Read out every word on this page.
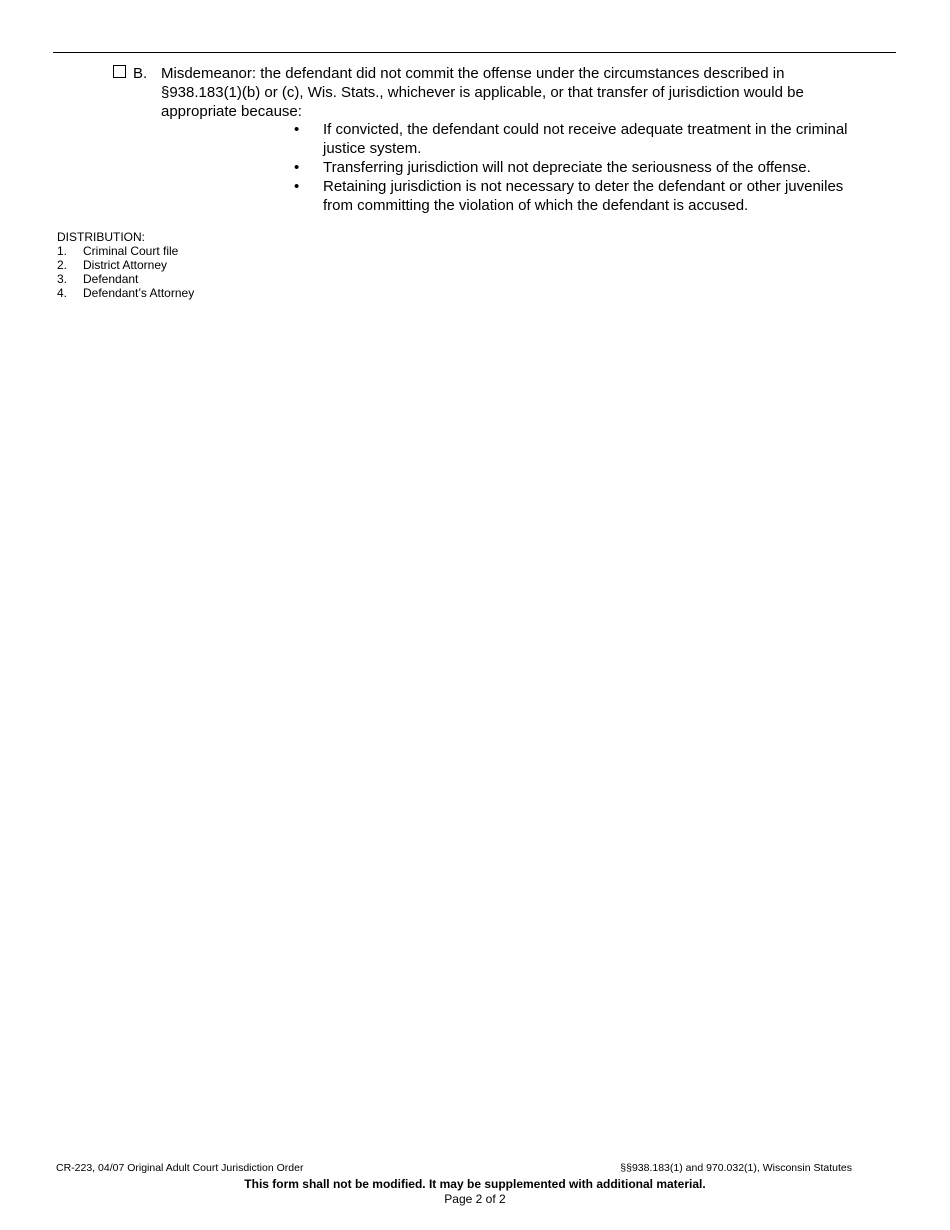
B. Misdemeanor: the defendant did not commit the offense under the circumstances described in §938.183(1)(b) or (c), Wis. Stats., whichever is applicable, or that transfer of jurisdiction would be appropriate because:
• If convicted, the defendant could not receive adequate treatment in the criminal justice system.
• Transferring jurisdiction will not depreciate the seriousness of the offense.
• Retaining jurisdiction is not necessary to deter the defendant or other juveniles from committing the violation of which the defendant is accused.
DISTRIBUTION:
1. Criminal Court file
2. District Attorney
3. Defendant
4. Defendant’s Attorney
CR-223, 04/07 Original Adult Court Jurisdiction Order	§§938.183(1) and 970.032(1), Wisconsin Statutes
This form shall not be modified. It may be supplemented with additional material.
Page 2 of 2
